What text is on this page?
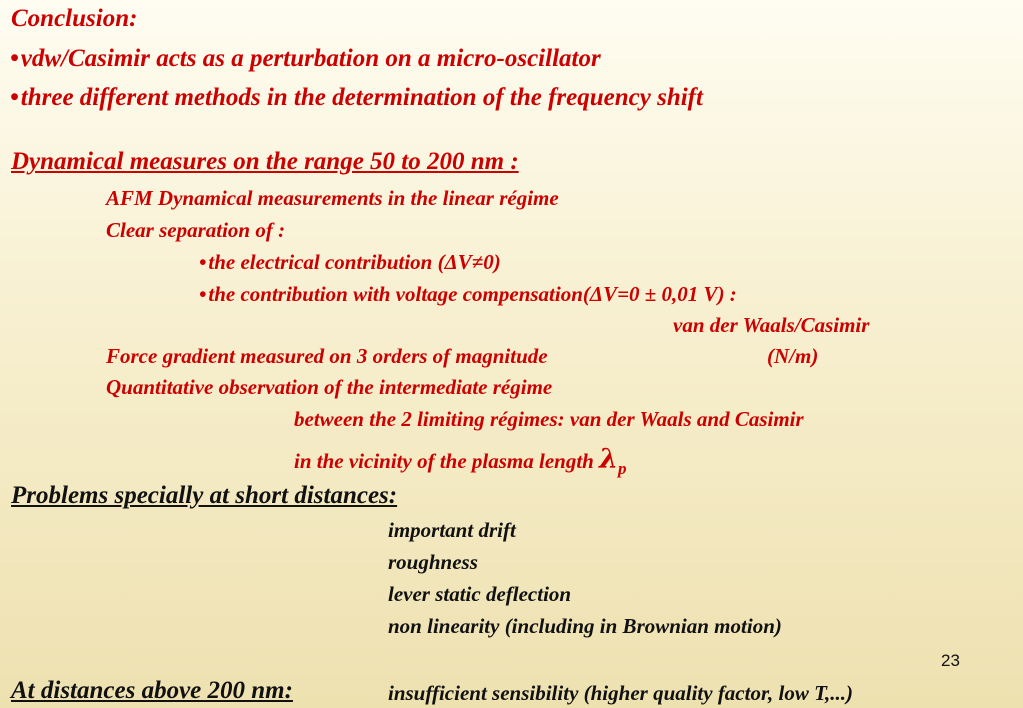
Conclusion:
•vdw/Casimir acts as a perturbation on a micro-oscillator
•three different methods in the determination of the frequency shift
Dynamical measures on the range 50 to 200 nm :
AFM Dynamical measurements in the linear régime
Clear separation of :
•the electrical contribution (ΔV≠0)
•the contribution with voltage compensation(ΔV=0 ± 0,01 V) :
van der Waals/Casimir
Force gradient measured on 3 orders of magnitude	(N/m)
Quantitative observation of the intermediate régime
between the 2 limiting régimes: van der Waals and Casimir
in the vicinity of the plasma length $\lambda_p$
Problems specially at short distances:
important drift
roughness
lever static deflection
non linearity (including in Brownian motion)
23
At distances above 200 nm:	insufficient sensibility (higher quality factor, low T,...)
